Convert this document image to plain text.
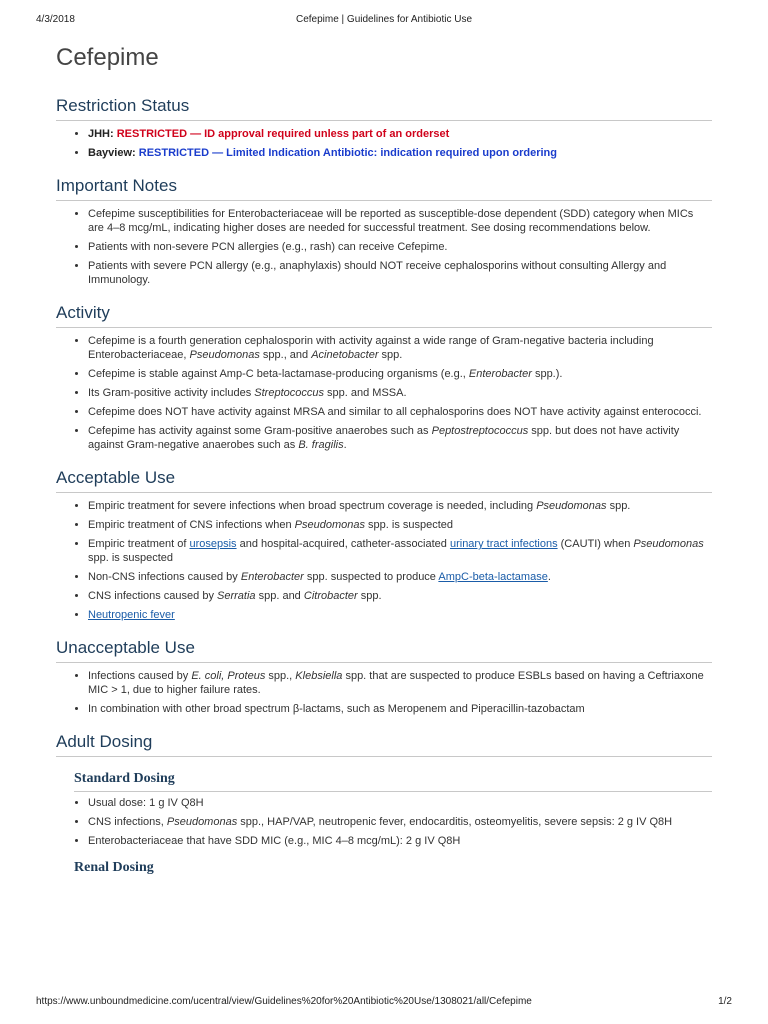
4/3/2018	Cefepime | Guidelines for Antibiotic Use
Cefepime
Restriction Status
• JHH: RESTRICTED — ID approval required unless part of an orderset
• Bayview: RESTRICTED — Limited Indication Antibiotic: indication required upon ordering
Important Notes
• Cefepime susceptibilities for Enterobacteriaceae will be reported as susceptible-dose dependent (SDD) category when MICs are 4–8 mcg/mL, indicating higher doses are needed for successful treatment. See dosing recommendations below.
• Patients with non-severe PCN allergies (e.g., rash) can receive Cefepime.
• Patients with severe PCN allergy (e.g., anaphylaxis) should NOT receive cephalosporins without consulting Allergy and Immunology.
Activity
• Cefepime is a fourth generation cephalosporin with activity against a wide range of Gram-negative bacteria including Enterobacteriaceae, Pseudomonas spp., and Acinetobacter spp.
• Cefepime is stable against Amp-C beta-lactamase-producing organisms (e.g., Enterobacter spp.).
• Its Gram-positive activity includes Streptococcus spp. and MSSA.
• Cefepime does NOT have activity against MRSA and similar to all cephalosporins does NOT have activity against enterococci.
• Cefepime has activity against some Gram-positive anaerobes such as Peptostreptococcus spp. but does not have activity against Gram-negative anaerobes such as B. fragilis.
Acceptable Use
• Empiric treatment for severe infections when broad spectrum coverage is needed, including Pseudomonas spp.
• Empiric treatment of CNS infections when Pseudomonas spp. is suspected
• Empiric treatment of urosepsis and hospital-acquired, catheter-associated urinary tract infections (CAUTI) when Pseudomonas spp. is suspected
• Non-CNS infections caused by Enterobacter spp. suspected to produce AmpC-beta-lactamase.
• CNS infections caused by Serratia spp. and Citrobacter spp.
• Neutropenic fever
Unacceptable Use
• Infections caused by E. coli, Proteus spp., Klebsiella spp. that are suspected to produce ESBLs based on having a Ceftriaxone MIC > 1, due to higher failure rates.
• In combination with other broad spectrum β-lactams, such as Meropenem and Piperacillin-tazobactam
Adult Dosing
Standard Dosing
• Usual dose: 1 g IV Q8H
• CNS infections, Pseudomonas spp., HAP/VAP, neutropenic fever, endocarditis, osteomyelitis, severe sepsis: 2 g IV Q8H
• Enterobacteriaceae that have SDD MIC (e.g., MIC 4–8 mcg/mL): 2 g IV Q8H
Renal Dosing
https://www.unboundmedicine.com/ucentral/view/Guidelines%20for%20Antibiotic%20Use/1308021/all/Cefepime	1/2
